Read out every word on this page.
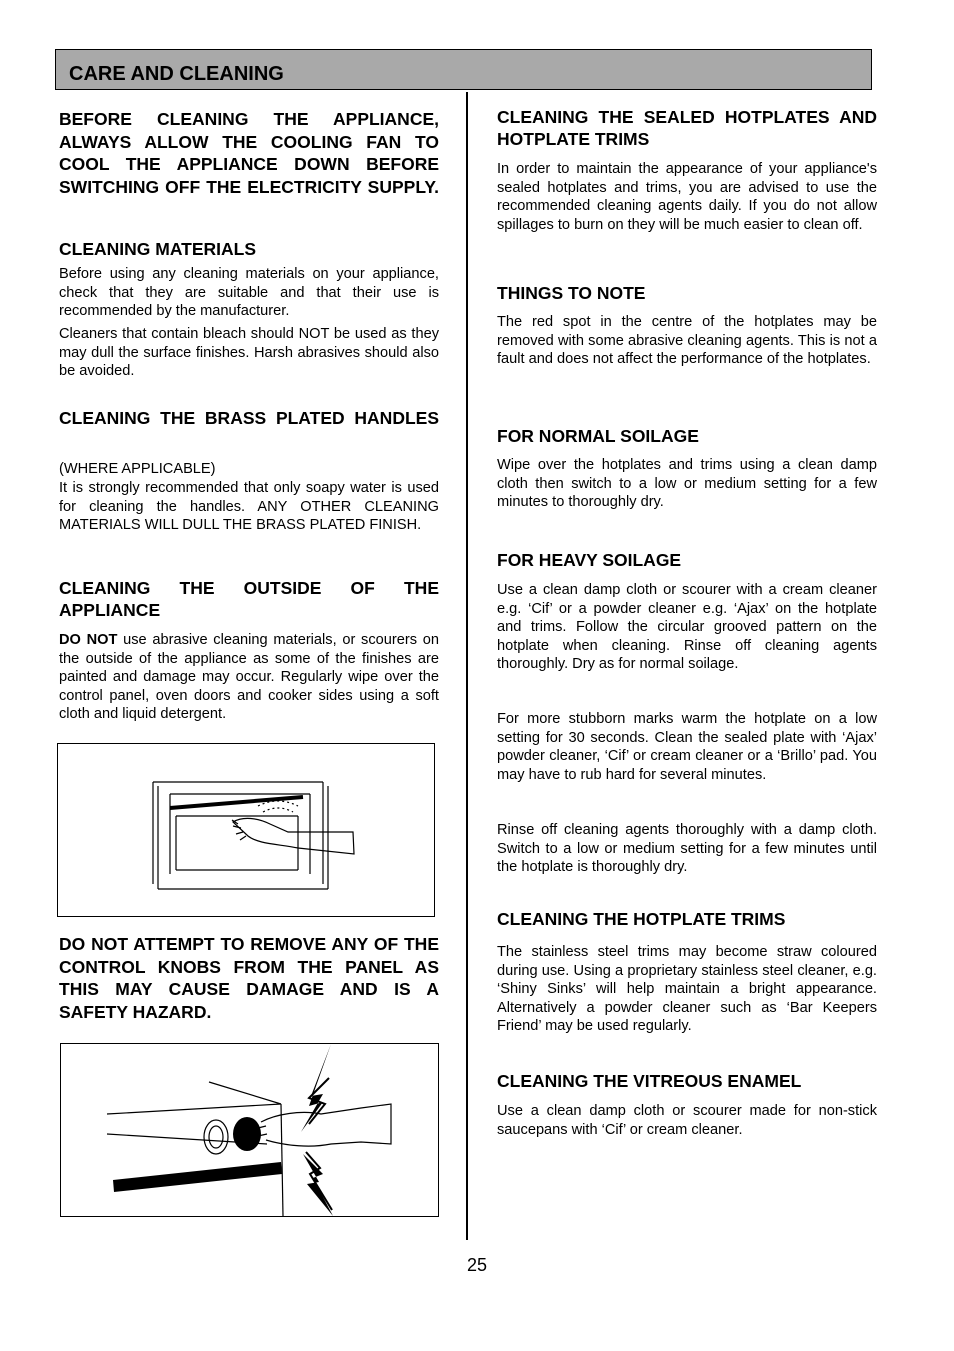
CARE AND CLEANING

BEFORE CLEANING THE APPLIANCE, ALWAYS ALLOW THE COOLING FAN TO COOL THE APPLIANCE DOWN BEFORE SWITCHING OFF THE ELECTRICITY SUPPLY.

CLEANING MATERIALS

Before using any cleaning materials on your appliance, check that they are suitable and that their use is recommended by the manufacturer.

Cleaners that contain bleach should NOT be used as they may dull the surface finishes. Harsh abrasives should also be avoided.

CLEANING THE BRASS PLATED HANDLES

(WHERE APPLICABLE)

It is strongly recommended that only soapy water is used for cleaning the handles. ANY OTHER CLEANING MATERIALS WILL DULL THE BRASS PLATED FINISH.

CLEANING THE OUTSIDE OF THE APPLIANCE

DO NOT use abrasive cleaning materials, or scourers on the outside of the appliance as some of the finishes are painted and damage may occur. Regularly wipe over the control panel, oven doors and cooker sides using a soft cloth and liquid detergent.

DO NOT ATTEMPT TO REMOVE ANY OF THE CONTROL KNOBS FROM THE PANEL AS THIS MAY CAUSE DAMAGE AND IS A SAFETY HAZARD.

CLEANING THE SEALED HOTPLATES AND HOTPLATE TRIMS

In order to maintain the appearance of your appliance's sealed hotplates and trims, you are advised to use the recommended cleaning agents daily. If you do not allow spillages to burn on they will be much easier to clean off.

THINGS TO NOTE

The red spot in the centre of the hotplates may be removed with some abrasive cleaning agents. This is not a fault and does not affect the performance of the hotplates.

FOR NORMAL SOILAGE

Wipe over the hotplates and trims using a clean damp cloth then switch to a low or medium setting for a few minutes to thoroughly dry.

FOR HEAVY SOILAGE

Use a clean damp cloth or scourer with a cream cleaner e.g. ‘Cif’ or a powder cleaner e.g. ‘Ajax’ on the hotplate and trims. Follow the circular grooved pattern on the hotplate when cleaning. Rinse off cleaning agents thoroughly. Dry as for normal soilage.

For more stubborn marks warm the hotplate on a low setting for 30 seconds. Clean the sealed plate with ‘Ajax’ powder cleaner, ‘Cif’ or cream cleaner or a ‘Brillo’ pad. You may have to rub hard for several minutes.

Rinse off cleaning agents thoroughly with a damp cloth. Switch to a low or medium setting for a few minutes until the hotplate is thoroughly dry.

CLEANING THE HOTPLATE TRIMS

The stainless steel trims may become straw coloured during use. Using a proprietary stainless steel cleaner, e.g. ‘Shiny Sinks’ will help maintain a bright appearance. Alternatively a powder cleaner such as ‘Bar Keepers Friend’ may be used regularly.

CLEANING THE VITREOUS ENAMEL

Use a clean damp cloth or scourer made for non-stick saucepans with ‘Cif’ or cream cleaner.

25
